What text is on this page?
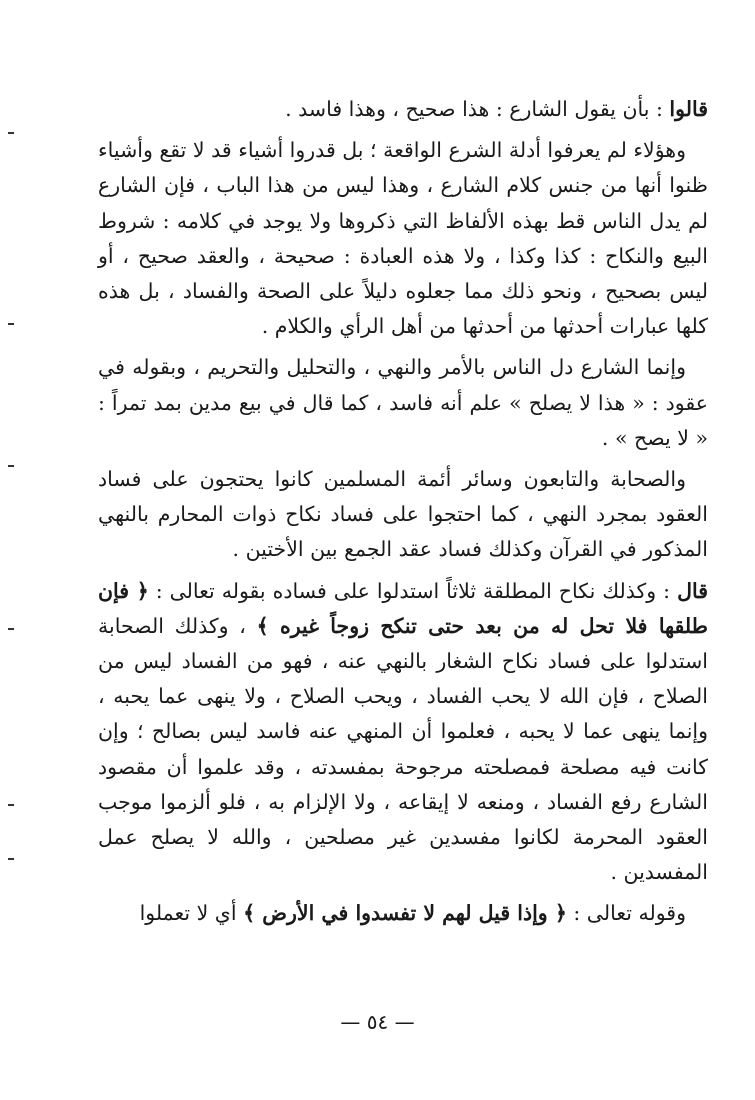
قالوا : بأن يقول الشارع : هذا صحيح ، وهذا فاسد .

وهؤلاء لم يعرفوا أدلة الشرع الواقعة ؛ بل قدروا أشياء قد لا تقع وأشياء ظنوا أنها من جنس كلام الشارع ، وهذا ليس من هذا الباب ، فإن الشارع لم يدل الناس قط بهذه الألفاظ التي ذكروها ولا يوجد في كلامه : شروط البيع والنكاح : كذا وكذا ، ولا هذه العبادة : صحيحة ، والعقد صحيح ، أو ليس بصحيح ، ونحو ذلك مما جعلوه دليلاً على الصحة والفساد ، بل هذه كلها عبارات أحدثها من أحدثها من أهل الرأي والكلام .

وإنما الشارع دل الناس بالأمر والنهي ، والتحليل والتحريم ، وبقوله في عقود : « هذا لا يصلح » علم أنه فاسد ، كما قال في بيع مدين بمد تمراً : « لا يصح » .

والصحابة والتابعون وسائر أئمة المسلمين كانوا يحتجون على فساد العقود بمجرد النهي ، كما احتجوا على فساد نكاح ذوات المحارم بالنهي المذكور في القرآن وكذلك فساد عقد الجمع بين الأختين .

قال : وكذلك نكاح المطلقة ثلاثاً استدلوا على فساده بقوله تعالى : ﴿ فإن طلقها فلا تحل له من بعد حتى تنكح زوجاً غيره ﴾ ، وكذلك الصحابة استدلوا على فساد نكاح الشغار بالنهي عنه ، فهو من الفساد ليس من الصلاح ، فإن الله لا يحب الفساد ، ويحب الصلاح ، ولا ينهى عما يحبه ، وإنما ينهى عما لا يحبه ، فعلموا أن المنهي عنه فاسد ليس بصالح ؛ وإن كانت فيه مصلحة فمصلحته مرجوحة بمفسدته ، وقد علموا أن مقصود الشارع رفع الفساد ، ومنعه لا إيقاعه ، ولا الإلزام به ، فلو ألزموا موجب العقود المحرمة لكانوا مفسدين غير مصلحين ، والله لا يصلح عمل المفسدين .

وقوله تعالى : ﴿ وإذا قيل لهم لا تفسدوا في الأرض ﴾ أي لا تعملوا

— ٥٤ —
